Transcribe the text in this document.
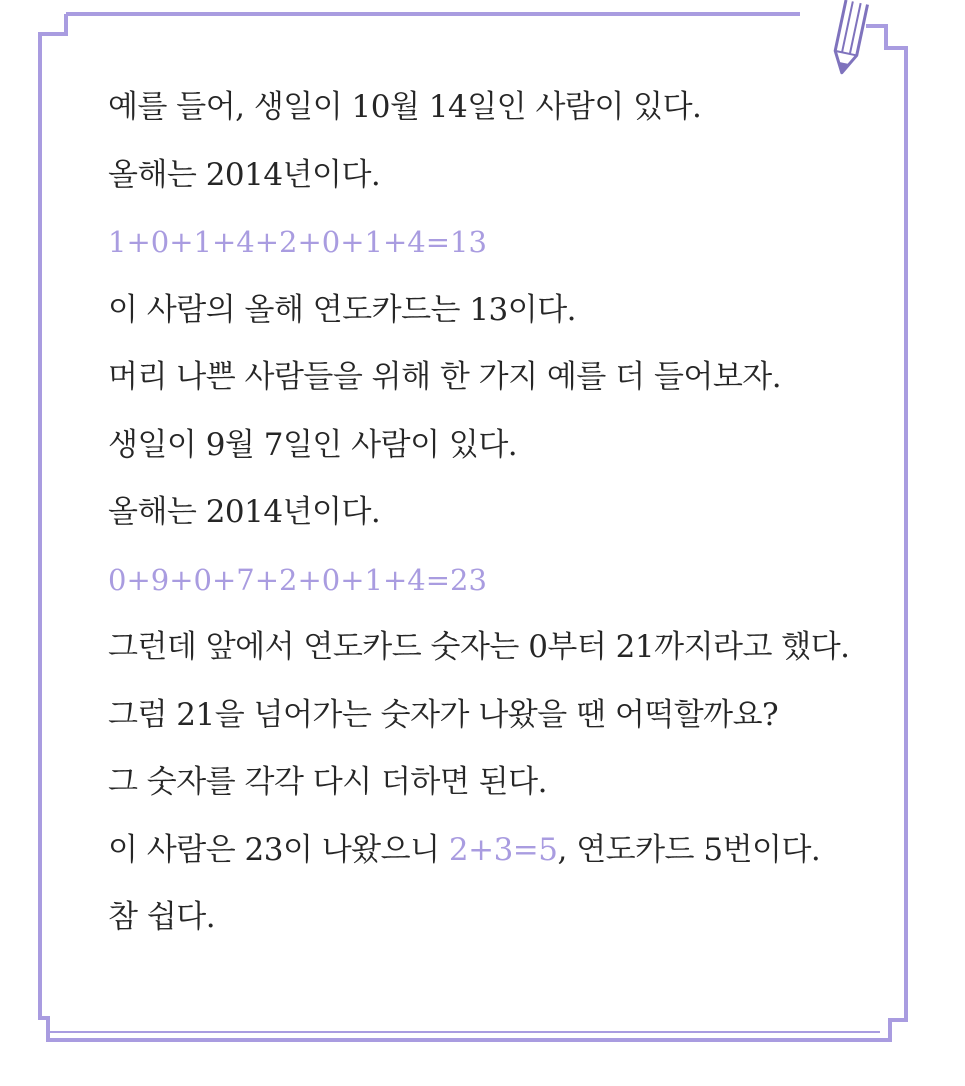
예를 들어, 생일이 10월 14일인 사람이 있다.
올해는 2014년이다.
1+0+1+4+2+0+1+4=13
이 사람의 올해 연도카드는 13이다.
머리 나쁜 사람들을 위해 한 가지 예를 더 들어보자.
생일이 9월 7일인 사람이 있다.
올해는 2014년이다.
0+9+0+7+2+0+1+4=23
그런데 앞에서 연도카드 숫자는 0부터 21까지라고 했다.
그럼 21을 넘어가는 숫자가 나왔을 땐 어떡할까요?
그 숫자를 각각 다시 더하면 된다.
이 사람은 23이 나왔으니 2+3=5, 연도카드 5번이다.
참 쉽다.
